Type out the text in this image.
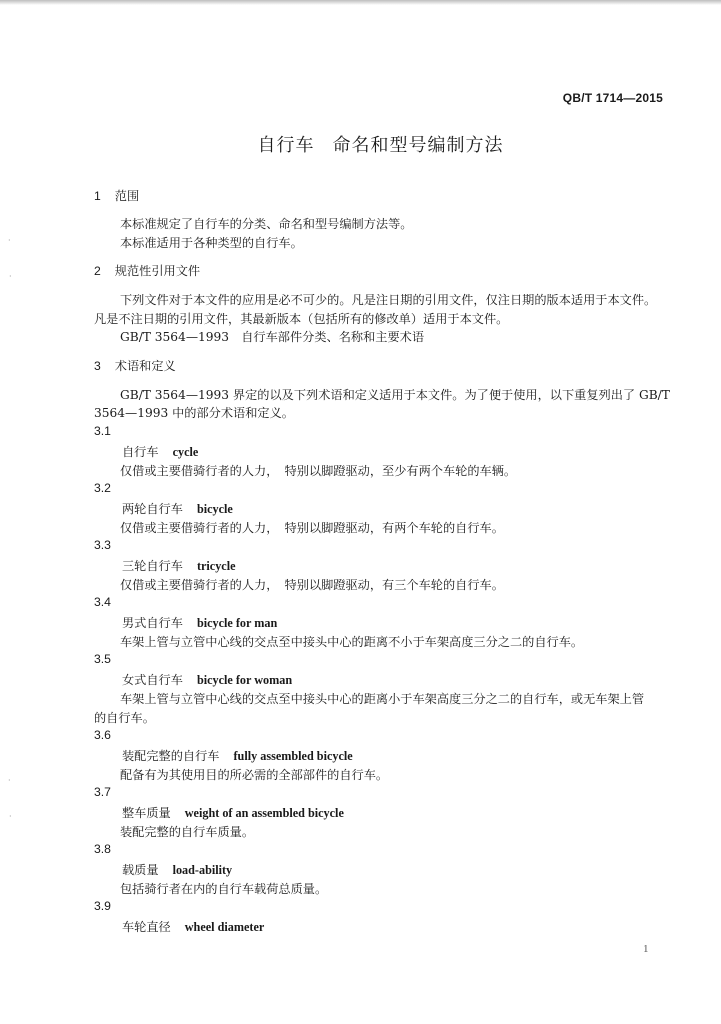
QB/T 1714—2015
自行车 命名和型号编制方法
1 范围
本标准规定了自行车的分类、命名和型号编制方法等。
本标准适用于各种类型的自行车。
2 规范性引用文件
下列文件对于本文件的应用是必不可少的。凡是注日期的引用文件，仅注日期的版本适用于本文件。
凡是不注日期的引用文件，其最新版本（包括所有的修改单）适用于本文件。
GB/T 3564—1993　自行车部件分类、名称和主要术语
3 术语和定义
GB/T 3564—1993 界定的以及下列术语和定义适用于本文件。为了便于使用，以下重复列出了 GB/T
3564—1993 中的部分术语和定义。
3.1
自行车 cycle
仅借或主要借骑行者的人力，　特别以脚蹬驱动，至少有两个车轮的车辆。
3.2
两轮自行车 bicycle
仅借或主要借骑行者的人力，　特别以脚蹬驱动，有两个车轮的自行车。
3.3
三轮自行车 tricycle
仅借或主要借骑行者的人力，　特别以脚蹬驱动，有三个车轮的自行车。
3.4
男式自行车 bicycle for man
车架上管与立管中心线的交点至中接头中心的距离不小于车架高度三分之二的自行车。
3.5
女式自行车 bicycle for woman
车架上管与立管中心线的交点至中接头中心的距离小于车架高度三分之二的自行车，或无车架上管
的自行车。
3.6
装配完整的自行车 fully assembled bicycle
配备有为其使用目的所必需的全部部件的自行车。
3.7
整车质量 weight of an assembled bicycle
装配完整的自行车质量。
3.8
载质量 load-ability
包括骑行者在内的自行车载荷总质量。
3.9
车轮直径 wheel diameter
·
·
·
·
1
